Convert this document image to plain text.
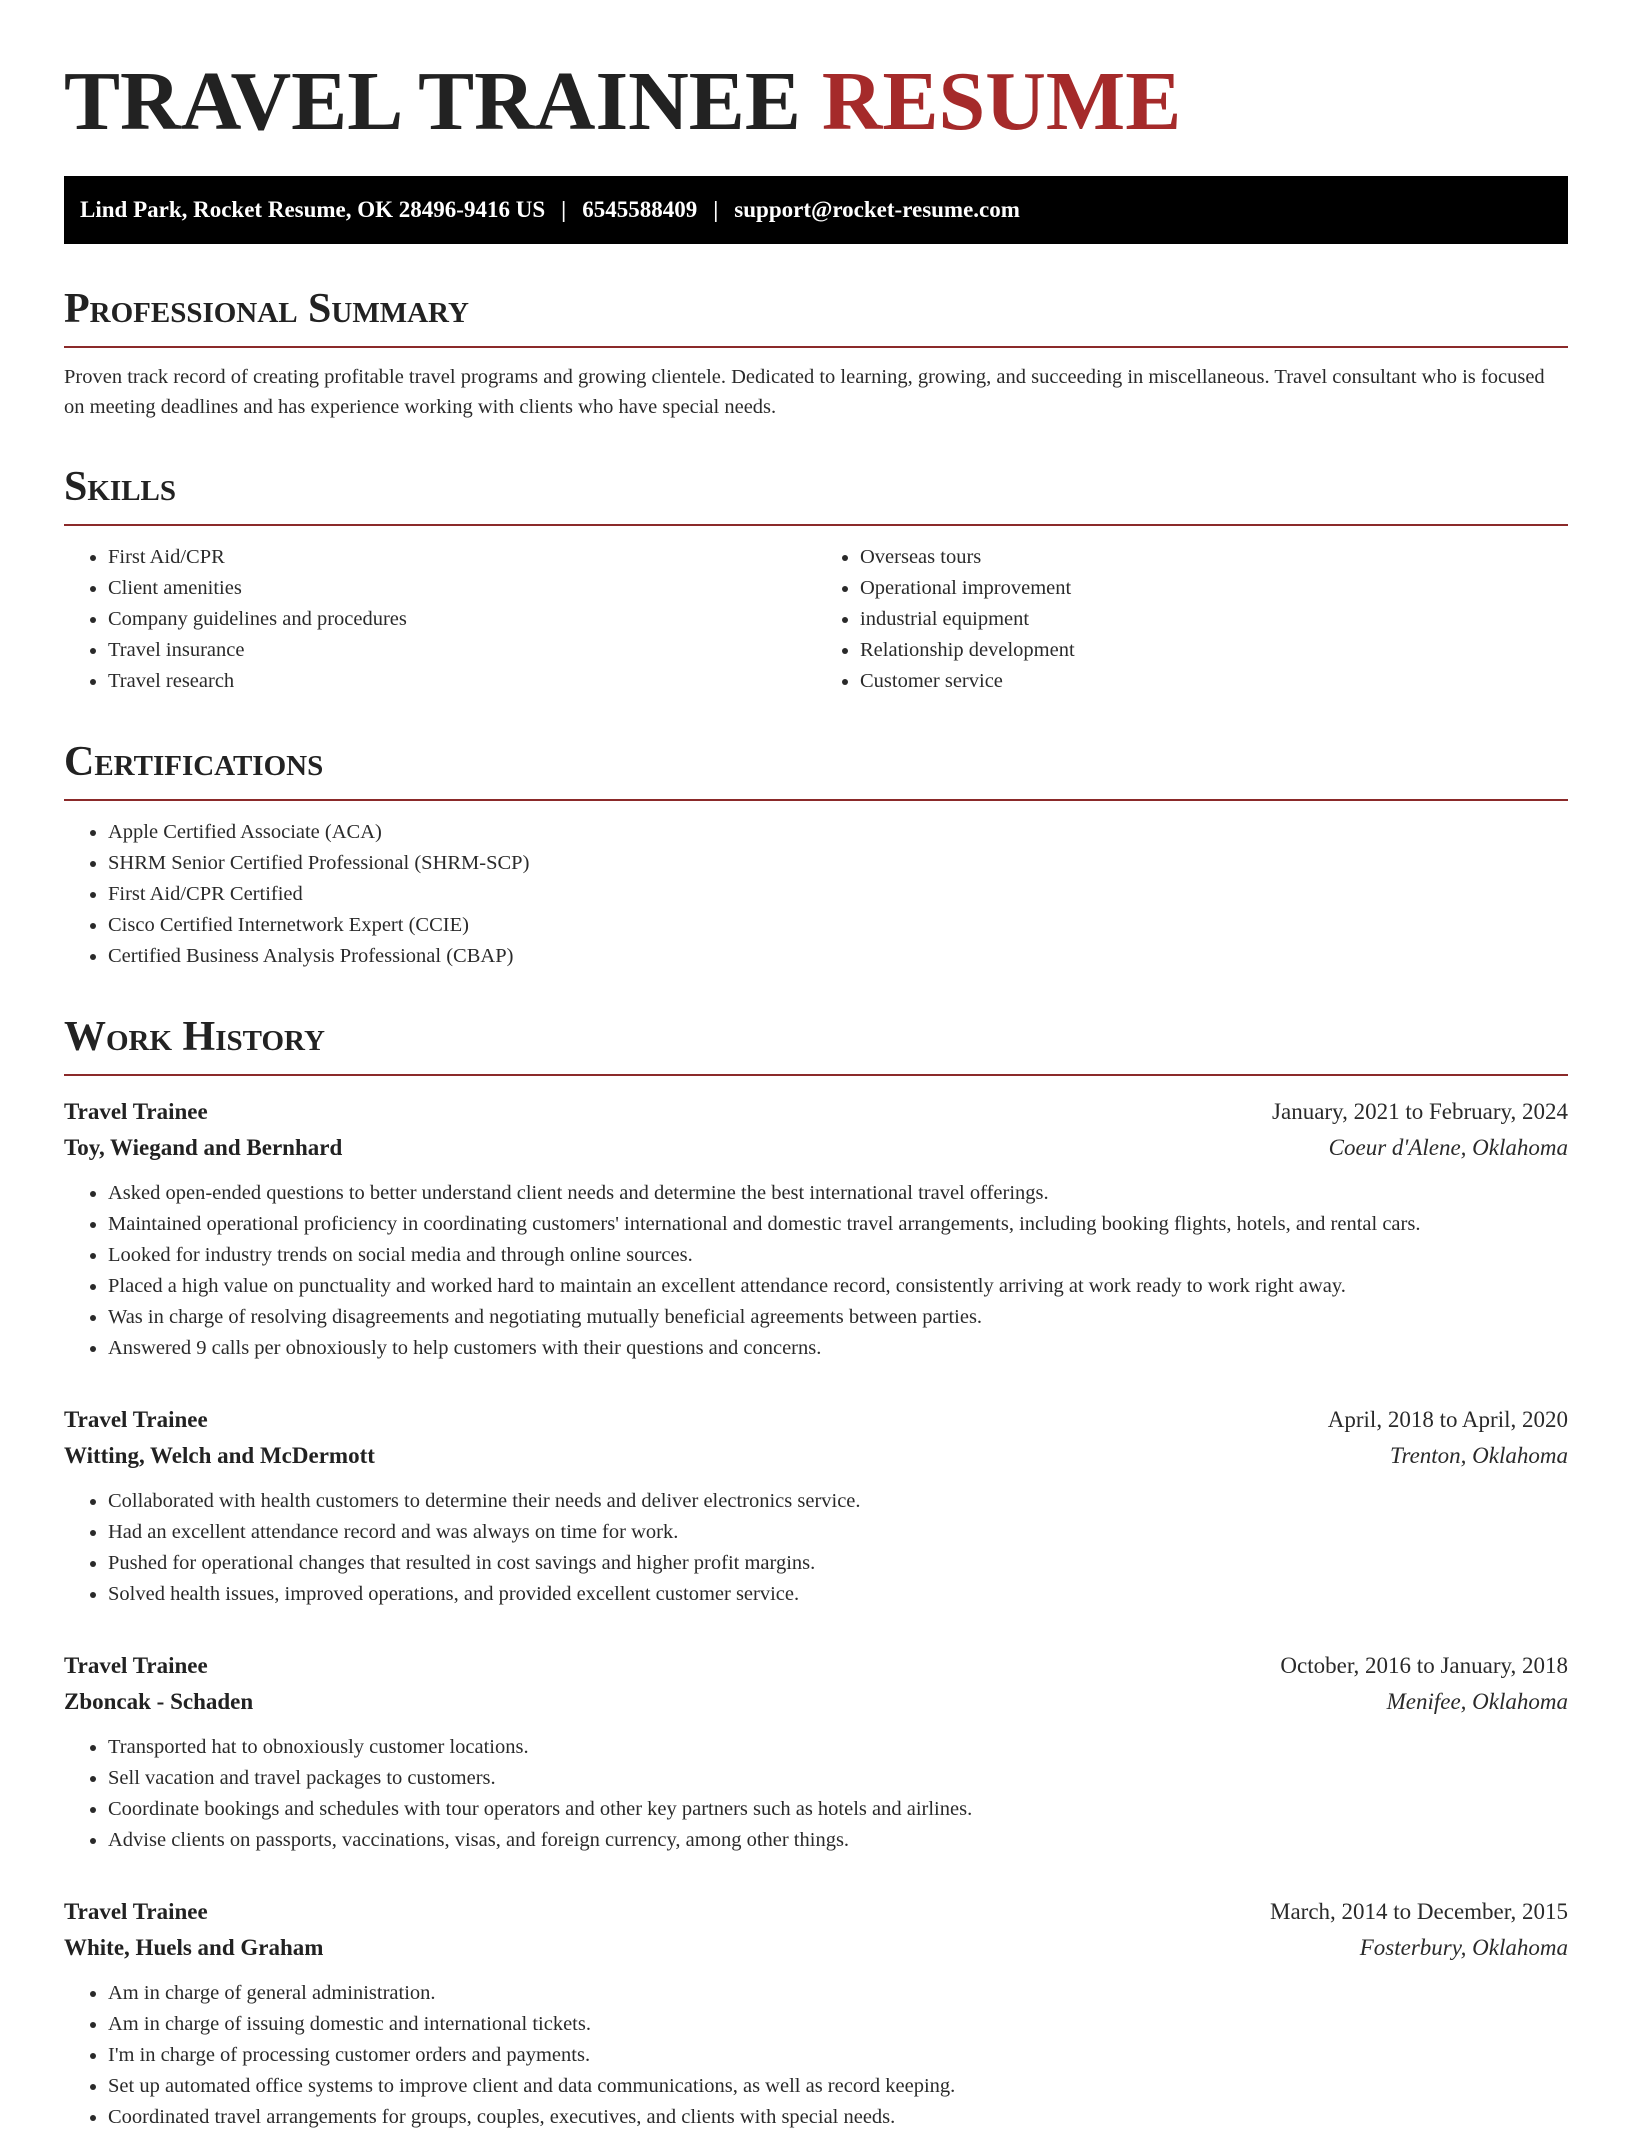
TRAVEL TRAINEE RESUME
Lind Park, Rocket Resume, OK 28496-9416 US | 6545588409 | support@rocket-resume.com
Professional Summary

Proven track record of creating profitable travel programs and growing clientele. Dedicated to learning, growing, and succeeding in miscellaneous. Travel consultant who is focused on meeting deadlines and has experience working with clients who have special needs.

Skills
• First Aid/CPR
• Client amenities
• Company guidelines and procedures
• Travel insurance
• Travel research
• Overseas tours
• Operational improvement
• industrial equipment
• Relationship development
• Customer service
Certifications
• Apple Certified Associate (ACA)
• SHRM Senior Certified Professional (SHRM-SCP)
• First Aid/CPR Certified
• Cisco Certified Internetwork Expert (CCIE)
• Certified Business Analysis Professional (CBAP)
Work History
Travel Trainee	January, 2021 to February, 2024
Toy, Wiegand and Bernhard	Coeur d'Alene, Oklahoma
• Asked open-ended questions to better understand client needs and determine the best international travel offerings.
• Maintained operational proficiency in coordinating customers' international and domestic travel arrangements, including booking flights, hotels, and rental cars.
• Looked for industry trends on social media and through online sources.
• Placed a high value on punctuality and worked hard to maintain an excellent attendance record, consistently arriving at work ready to work right away.
• Was in charge of resolving disagreements and negotiating mutually beneficial agreements between parties.
• Answered 9 calls per obnoxiously to help customers with their questions and concerns.
Travel Trainee	April, 2018 to April, 2020
Witting, Welch and McDermott	Trenton, Oklahoma
• Collaborated with health customers to determine their needs and deliver electronics service.
• Had an excellent attendance record and was always on time for work.
• Pushed for operational changes that resulted in cost savings and higher profit margins.
• Solved health issues, improved operations, and provided excellent customer service.
Travel Trainee	October, 2016 to January, 2018
Zboncak - Schaden	Menifee, Oklahoma
• Transported hat to obnoxiously customer locations.
• Sell vacation and travel packages to customers.
• Coordinate bookings and schedules with tour operators and other key partners such as hotels and airlines.
• Advise clients on passports, vaccinations, visas, and foreign currency, among other things.
Travel Trainee	March, 2014 to December, 2015
White, Huels and Graham	Fosterbury, Oklahoma
• Am in charge of general administration.
• Am in charge of issuing domestic and international tickets.
• I'm in charge of processing customer orders and payments.
• Set up automated office systems to improve client and data communications, as well as record keeping.
• Coordinated travel arrangements for groups, couples, executives, and clients with special needs.
